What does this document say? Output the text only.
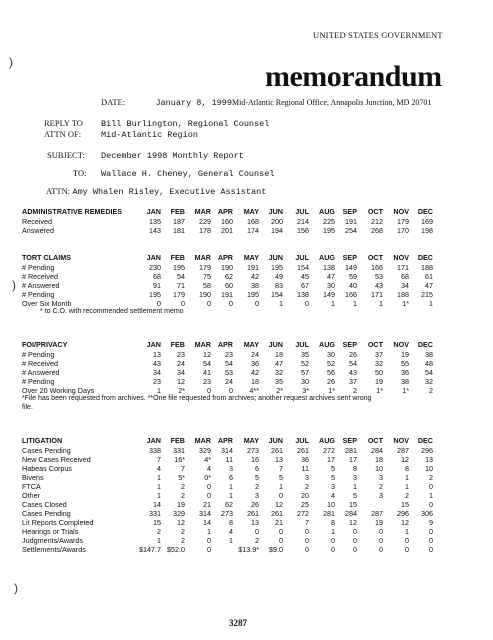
UNITED STATES GOVERNMENT
memorandum
DATE:	January 8, 1999Mid-Atlantic Regional Office, Annapolis Junction, MD 20701
REPLY TO Bill Burlington, Regional Counsel
ATTN OF: Mid-Atlantic Region
SUBJECT: December 1998 Monthly Report
TO: Wallace H. Cheney, General Counsel
ATTN: Amy Whalen Risley, Executive Assistant
ADMINISTRATIVE REMEDIES	JAN	FEB	MAR	APR	MAY	JUN	JUL	AUG	SEP	OCT	NOV	DEC
Received	135	187	229	160	168	200	214	225	191	212	179	169
Answered	143	181	178	201	174	194	156	195	254	268	170	198
TORT CLAIMS	JAN	FEB	MAR	APR	MAY	JUN	JUL	AUG	SEP	OCT	NOV	DEC
# Pending	230	195	179	190	191	195	154	138	149	166	171	188
# Received	68	54	75	62	42	49	45	47	59	53	68	61
# Answered	91	71	58	60	38	83	67	30	40	43	34	47
# Pending	195	179	190	191	195	154	138	149	166	171	188	215
Over Six Month	0	0	0	0	0	1	0	1	1	1	1*	1
* to C.O. with recommended settlement memo
FOI/PRIVACY	JAN	FEB	MAR	APR	MAY	JUN	JUL	AUG	SEP	OCT	NOV	DEC
# Pending	13	23	12	23	24	18	35	30	26	37	19	38
# Received	43	24	54	54	36	47	52	52	54	32	55	48
# Answered	34	34	41	53	42	32	57	56	43	50	36	54
# Pending	23	12	23	24	18	35	30	26	37	19	38	32
Over 20 Working Days	1	2*	0	0	4**	2*	3*	1*	2	1*	1*	2
*File has been requested from archives. **One file requested from archives; another request archives sent wrong
file.
LITIGATION	JAN	FEB	MAR	APR	MAY	JUN	JUL	AUG	SEP	OCT	NOV	DEC
Cases Pending	338	331	329	314	273	261	261	272	281	284	287	296
New Cases Received	7	16*	4*	11	16	13	36	17	17	18	12	13
Habeas Corpus	4	7	4	3	6	7	11	5	8	10	8	10
Bivens	1	5*	0*	6	5	5	3	5	3	3	1	2
FTCA	1	2	0	1	2	1	2	3	1	2	1	0
Other	1	2	0	1	3	0	20	4	5	3	2	1
Cases Closed	14	19	21	62	26	12	25	10	15		15	0
Cases Pending	331	329	314	273	261	261	272	281	284	287	296	306
Lit Reports Completed	15	12	14	8	13	21	7	8	12	19	12	9
Hearings or Trials	2	2	1	4	0	0	0	1	0	0	1	0
Judgments/Awards	1	2	0	1	2	0	0	0	0	0	0	0
Settlements/Awards	$147.7	$52.0	0		$13.9*	$9.0	0	0	0	0	0	0
3287
)
)
)
